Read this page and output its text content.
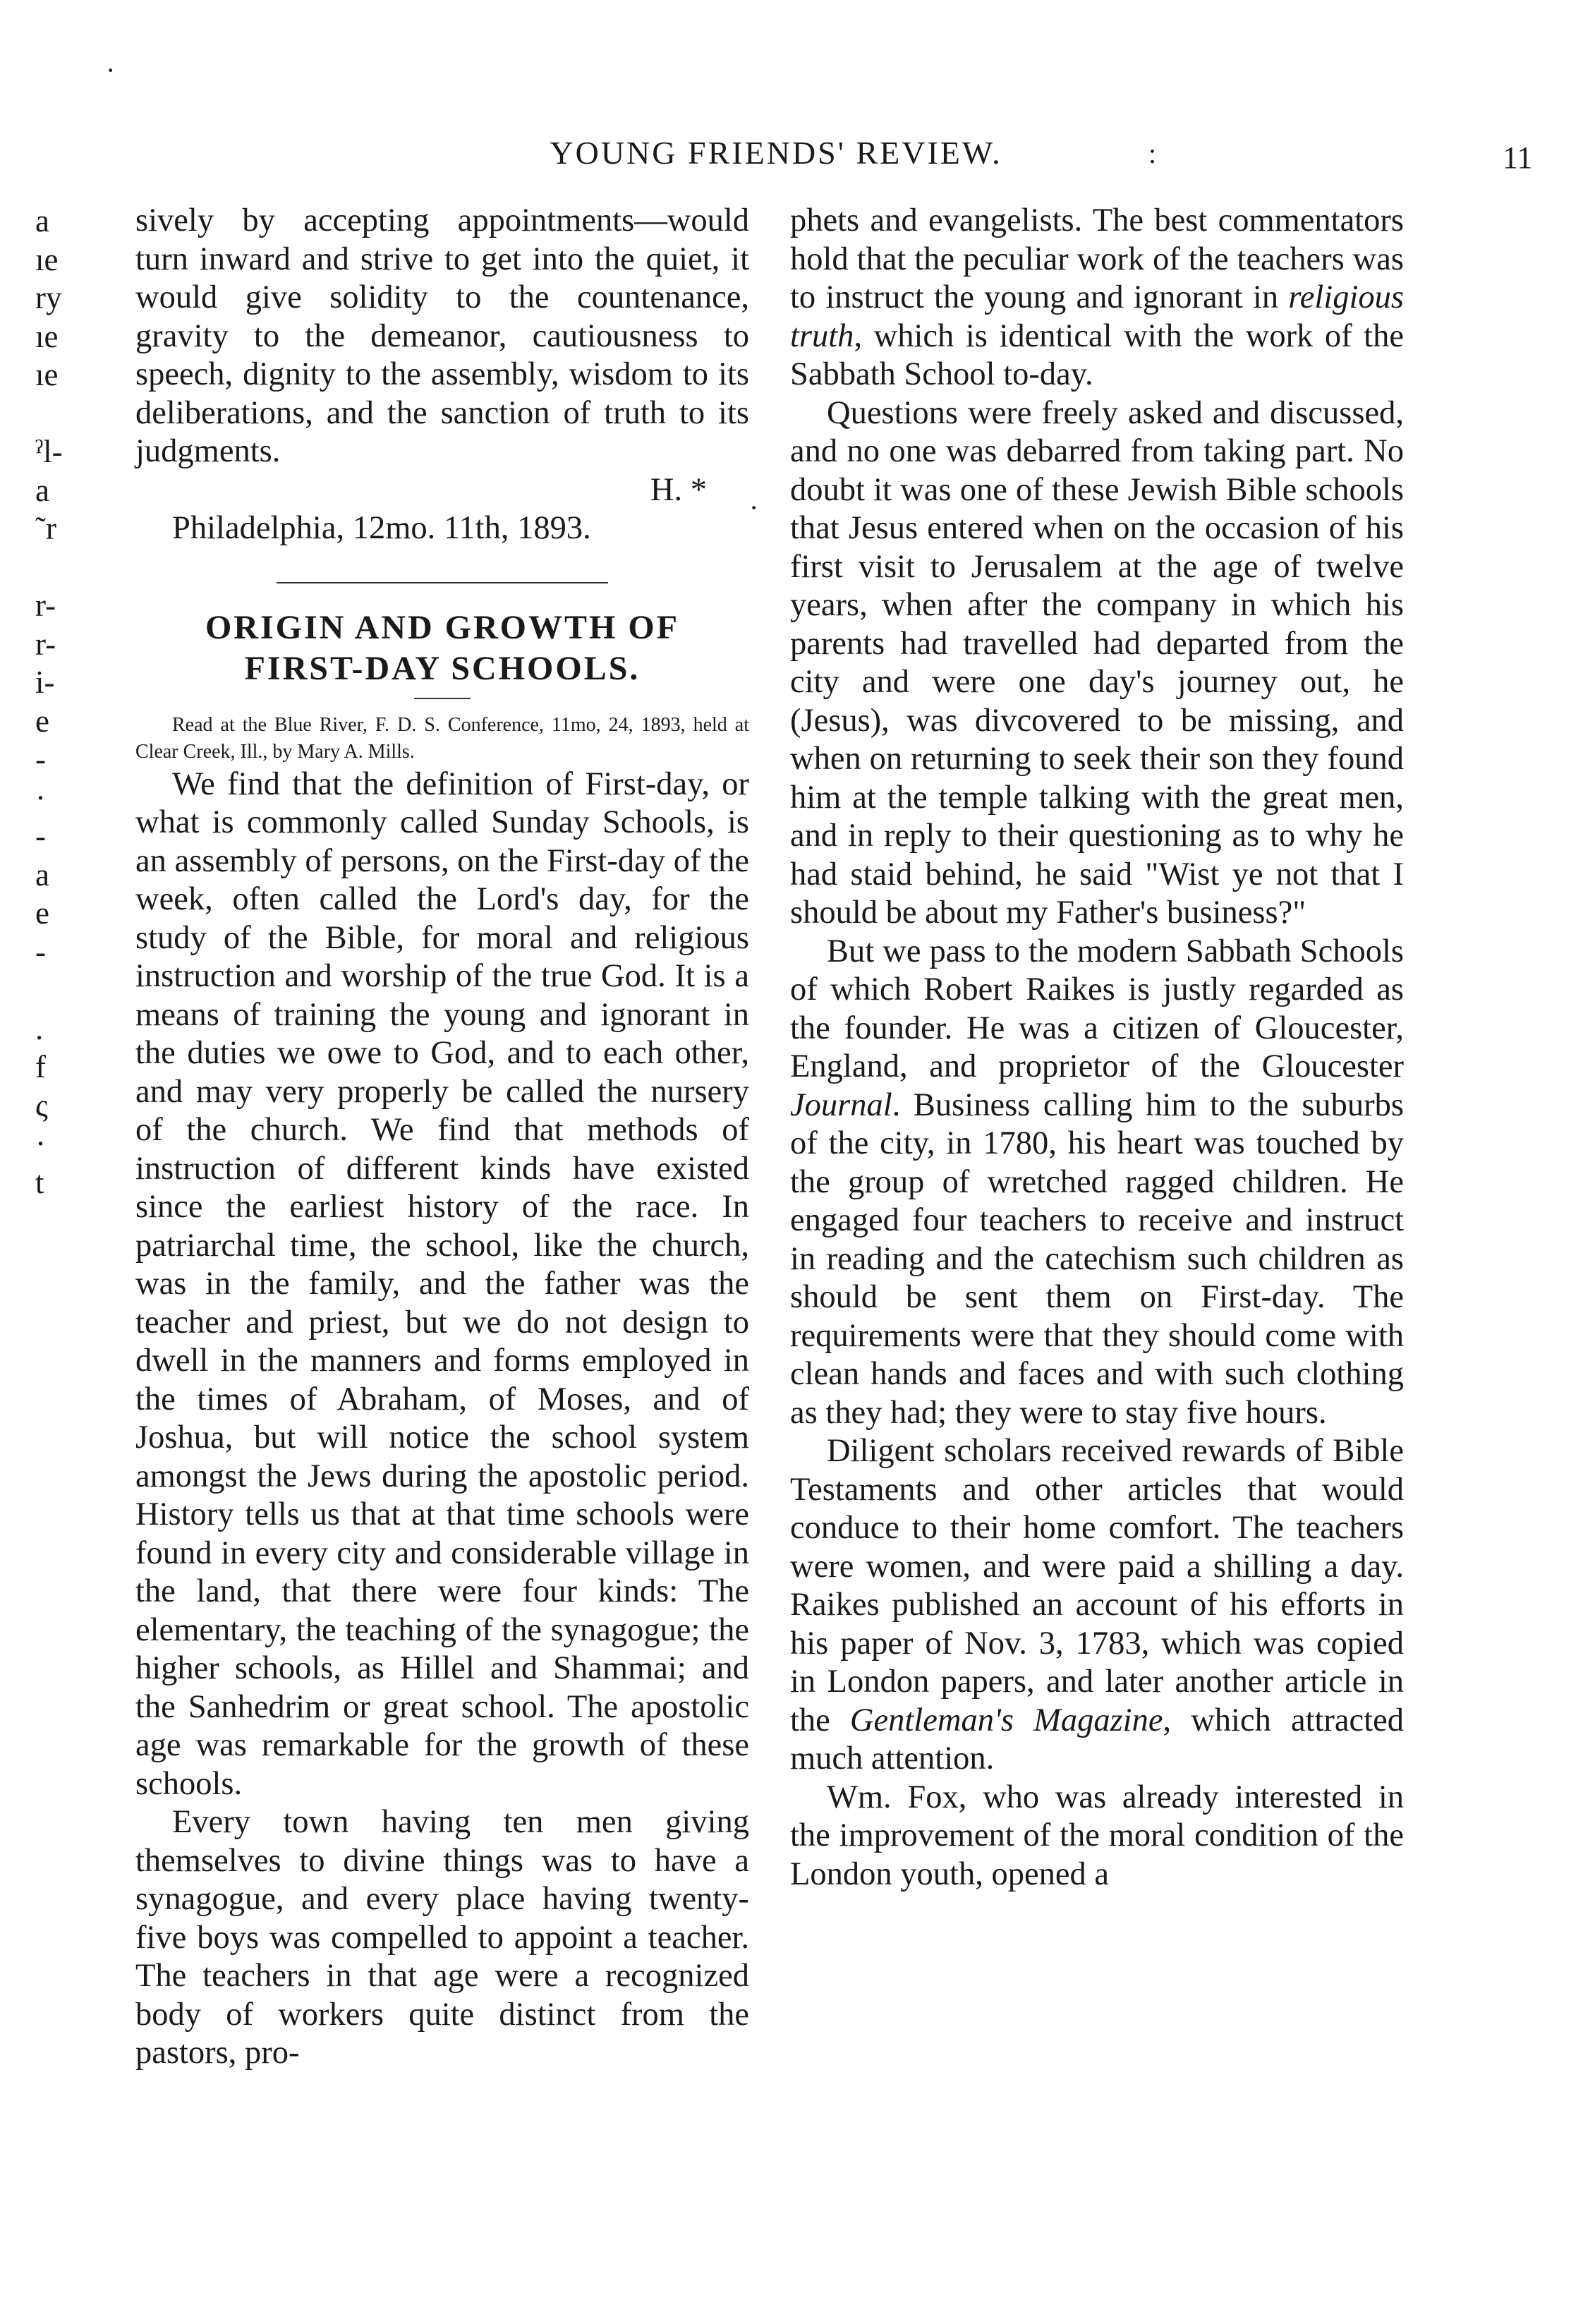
·
:
·
a
ıe
ry
ıe
ıe

ˀl-
a
˜r

r-
r-
i-
e
-
·
-
a
e
-

.
f
ς
·
t
YOUNG FRIENDS' REVIEW.	11

sively by accepting appointments—would turn inward and strive to get into the quiet, it would give solidity to the countenance, gravity to the demeanor, cautiousness to speech, dignity to the assembly, wisdom to its deliberations, and the sanction of truth to its judgments.

H. *

Philadelphia, 12mo. 11th, 1893.

ORIGIN AND GROWTH OF
FIRST-DAY SCHOOLS.

Read at the Blue River, F. D. S. Conference, 11mo, 24, 1893, held at Clear Creek, Ill., by Mary A. Mills.

We find that the definition of First-day, or what is commonly called Sunday Schools, is an assembly of persons, on the First-day of the week, often called the Lord's day, for the study of the Bible, for moral and religious instruction and worship of the true God. It is a means of training the young and ignorant in the duties we owe to God, and to each other, and may very properly be called the nursery of the church. We find that methods of instruction of different kinds have existed since the earliest history of the race. In patriarchal time, the school, like the church, was in the family, and the father was the teacher and priest, but we do not design to dwell in the manners and forms employed in the times of Abraham, of Moses, and of Joshua, but will notice the school system amongst the Jews during the apostolic period. History tells us that at that time schools were found in every city and considerable village in the land, that there were four kinds: The elementary, the teaching of the synagogue; the higher schools, as Hillel and Shammai; and the Sanhedrim or great school. The apostolic age was remarkable for the growth of these schools.

Every town having ten men giving themselves to divine things was to have a synagogue, and every place having twenty-five boys was compelled to appoint a teacher. The teachers in that age were a recognized body of workers quite distinct from the pastors, pro-

phets and evangelists. The best commentators hold that the peculiar work of the teachers was to instruct the young and ignorant in religious truth, which is identical with the work of the Sabbath School to-day.

Questions were freely asked and discussed, and no one was debarred from taking part. No doubt it was one of these Jewish Bible schools that Jesus entered when on the occasion of his first visit to Jerusalem at the age of twelve years, when after the company in which his parents had travelled had departed from the city and were one day's journey out, he (Jesus), was divcovered to be missing, and when on returning to seek their son they found him at the temple talking with the great men, and in reply to their questioning as to why he had staid behind, he said "Wist ye not that I should be about my Father's business?"

But we pass to the modern Sabbath Schools of which Robert Raikes is justly regarded as the founder. He was a citizen of Gloucester, England, and proprietor of the Gloucester Journal. Business calling him to the suburbs of the city, in 1780, his heart was touched by the group of wretched ragged children. He engaged four teachers to receive and instruct in reading and the catechism such children as should be sent them on First-day. The requirements were that they should come with clean hands and faces and with such clothing as they had; they were to stay five hours.

Diligent scholars received rewards of Bible Testaments and other articles that would conduce to their home comfort. The teachers were women, and were paid a shilling a day. Raikes published an account of his efforts in his paper of Nov. 3, 1783, which was copied in London papers, and later another article in the Gentleman's Magazine, which attracted much attention.

Wm. Fox, who was already interested in the improvement of the moral condition of the London youth, opened a
